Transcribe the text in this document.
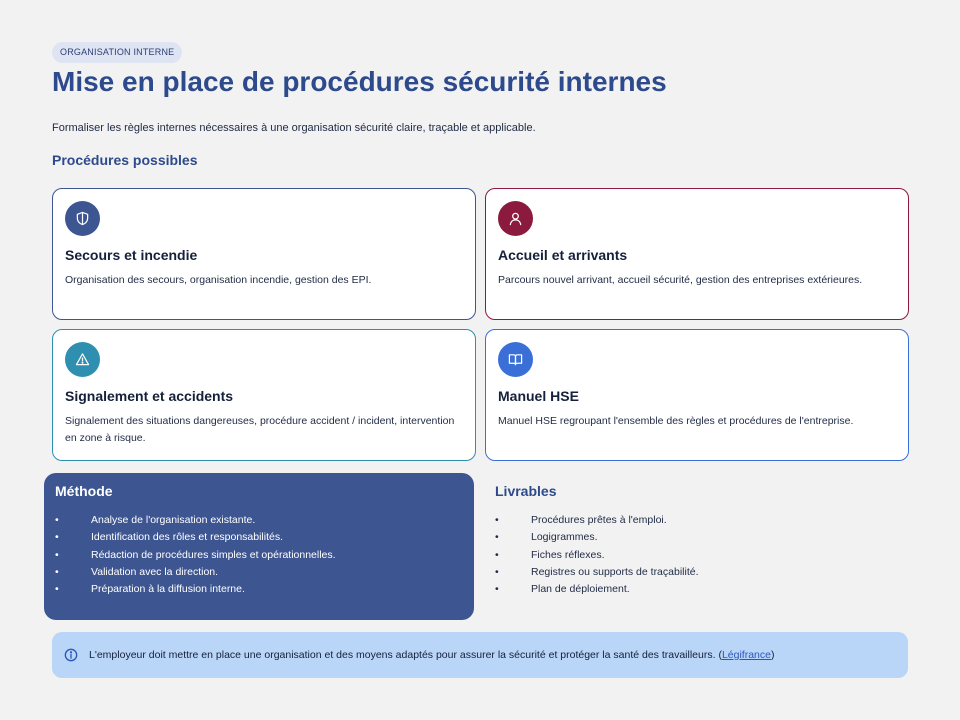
ORGANISATION INTERNE
Mise en place de procédures sécurité internes

Formaliser les règles internes nécessaires à une organisation sécurité claire, traçable et applicable.

Procédures possibles
Secours et incendie
Organisation des secours, organisation incendie, gestion des EPI.
Accueil et arrivants
Parcours nouvel arrivant, accueil sécurité, gestion des entreprises extérieures.
Signalement et accidents
Signalement des situations dangereuses, procédure accident / incident, intervention en zone à risque.
Manuel HSE
Manuel HSE regroupant l'ensemble des règles et procédures de l'entreprise.
Méthode
•	Analyse de l'organisation existante.
•	Identification des rôles et responsabilités.
•	Rédaction de procédures simples et opérationnelles.
•	Validation avec la direction.
•	Préparation à la diffusion interne.
Livrables
•	Procédures prêtes à l'emploi.
•	Logigrammes.
•	Fiches réflexes.
•	Registres ou supports de traçabilité.
•	Plan de déploiement.
L'employeur doit mettre en place une organisation et des moyens adaptés pour assurer la sécurité et protéger la santé des travailleurs. (Légifrance)
